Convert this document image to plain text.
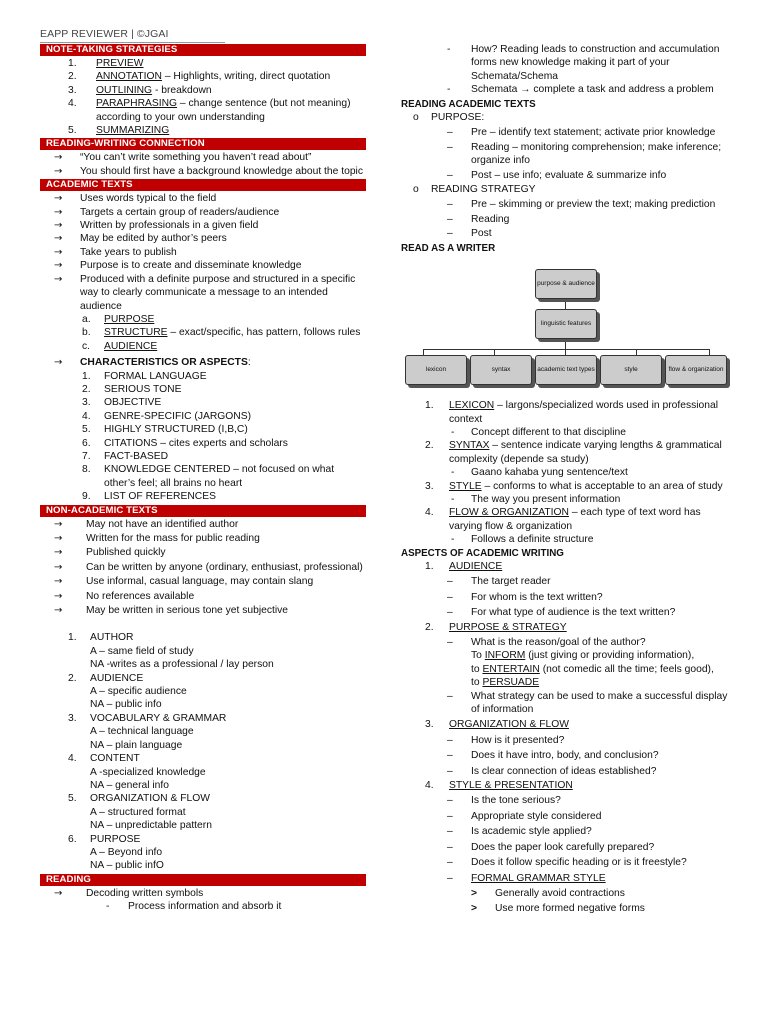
EAPP REVIEWER | ©JGAI
NOTE-TAKING STRATEGIES
1.	PREVIEW
2.	ANNOTATION – Highlights, writing, direct quotation
3.	OUTLINING - breakdown
4.	PARAPHRASING – change sentence (but not meaning) according to your own understanding
5.	SUMMARIZING
READING-WRITING CONNECTION
→	“You can’t write something you haven’t read about”
→	You should first have a background knowledge about the topic
ACADEMIC TEXTS
→	Uses words typical to the field
→	Targets a certain group of readers/audience
→	Written by professionals in a given field
→	May be edited by author’s peers
→	Take years to publish
→	Purpose is to create and disseminate knowledge
→	Produced with a definite purpose and structured in a specific way to clearly communicate a message to an intended audience
a.	PURPOSE
b.	STRUCTURE – exact/specific, has pattern, follows rules
c.	AUDIENCE
→	CHARACTERISTICS OR ASPECTS:
1.	FORMAL LANGUAGE
2.	SERIOUS TONE
3.	OBJECTIVE
4.	GENRE-SPECIFIC (JARGONS)
5.	HIGHLY STRUCTURED (I,B,C)
6.	CITATIONS – cites experts and scholars
7.	FACT-BASED
8.	KNOWLEDGE CENTERED – not focused on what other’s feel; all brains no heart
9.	LIST OF REFERENCES
NON-ACADEMIC TEXTS
→	May not have an identified author
→	Written for the mass for public reading
→	Published quickly
→	Can be written by anyone (ordinary, enthusiast, professional)
→	Use informal, casual language, may contain slang
→	No references available
→	May be written in serious tone yet subjective
1.	AUTHOR
A – same field of study
NA -writes as a professional / lay person
2.	AUDIENCE
A – specific audience
NA – public info
3.	VOCABULARY & GRAMMAR
A – technical language
NA – plain language
4.	CONTENT
A -specialized knowledge
NA – general info
5.	ORGANIZATION & FLOW
A – structured format
NA – unpredictable pattern
6.	PURPOSE
A – Beyond info
NA – public infO
READING
→	Decoding written symbols
-	Process information and absorb it
-	How? Reading leads to construction and accumulation forms new knowledge making it part of your Schemata/Schema
-	Schemata → complete a task and address a problem
READING ACADEMIC TEXTS
o	PURPOSE:
–	Pre – identify text statement; activate prior knowledge
–	Reading – monitoring comprehension; make inference; organize info
–	Post – use info; evaluate & summarize info
o	READING STRATEGY
–	Pre – skimming or preview the text; making prediction
–	Reading
–	Post
READ AS A WRITER
purpose & audience
linguistic features
lexicon	syntax	academic text types	style	flow & organization
1.	LEXICON – largons/specialized words used in professional context
-	Concept different to that discipline
2.	SYNTAX – sentence indicate varying lengths & grammatical complexity (depende sa study)
-	Gaano kahaba yung sentence/text
3.	STYLE – conforms to what is acceptable to an area of study
-	The way you present information
4.	FLOW & ORGANIZATION – each type of text word has varying flow & organization
-	Follows a definite structure
ASPECTS OF ACADEMIC WRITING
1.	AUDIENCE
–	The target reader
–	For whom is the text written?
–	For what type of audience is the text written?
2.	PURPOSE & STRATEGY
–	What is the reason/goal of the author?
To INFORM (just giving or providing information),
to ENTERTAIN (not comedic all the time; feels good),
to PERSUADE
–	What strategy can be used to make a successful display of information
3.	ORGANIZATION & FLOW
–	How is it presented?
–	Does it have intro, body, and conclusion?
–	Is clear connection of ideas established?
4.	STYLE & PRESENTATION
–	Is the tone serious?
–	Appropriate style considered
–	Is academic style applied?
–	Does the paper look carefully prepared?
–	Does it follow specific heading or is it freestyle?
–	FORMAL GRAMMAR STYLE
>	Generally avoid contractions
>	Use more formed negative forms
